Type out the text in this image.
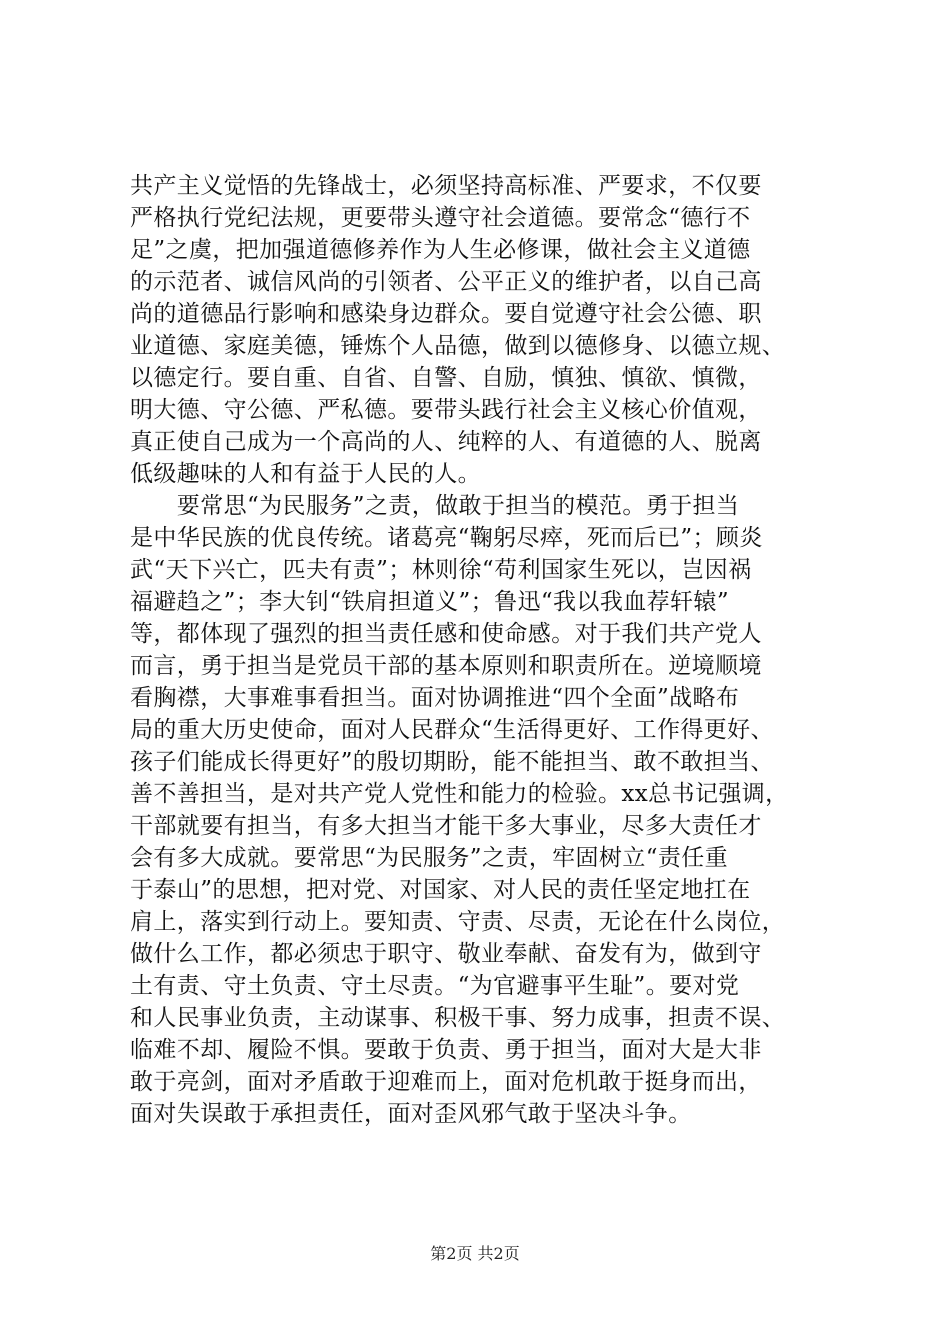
共产主义觉悟的先锋战士，必须坚持高标准、严要求，不仅要
严格执行党纪法规，更要带头遵守社会道德。要常念“德行不
足”之虞，把加强道德修养作为人生必修课，做社会主义道德
的示范者、诚信风尚的引领者、公平正义的维护者，以自己高
尚的道德品行影响和感染身边群众。要自觉遵守社会公德、职
业道德、家庭美德，锤炼个人品德，做到以德修身、以德立规、
以德定行。要自重、自省、自警、自励，慎独、慎欲、慎微，
明大德、守公德、严私德。要带头践行社会主义核心价值观，
真正使自己成为一个高尚的人、纯粹的人、有道德的人、脱离
低级趣味的人和有益于人民的人。
　　要常思“为民服务”之责，做敢于担当的模范。勇于担当
是中华民族的优良传统。诸葛亮“鞠躬尽瘁，死而后已”；顾炎
武“天下兴亡，匹夫有责”；林则徐“苟利国家生死以，岂因祸
福避趋之”；李大钊“铁肩担道义”；鲁迅“我以我血荐轩辕”
等，都体现了强烈的担当责任感和使命感。对于我们共产党人
而言，勇于担当是党员干部的基本原则和职责所在。逆境顺境
看胸襟，大事难事看担当。面对协调推进“四个全面”战略布
局的重大历史使命，面对人民群众“生活得更好、工作得更好、
孩子们能成长得更好”的殷切期盼，能不能担当、敢不敢担当、
善不善担当，是对共产党人党性和能力的检验。xx总书记强调，
干部就要有担当，有多大担当才能干多大事业，尽多大责任才
会有多大成就。要常思“为民服务”之责，牢固树立“责任重
于泰山”的思想，把对党、对国家、对人民的责任坚定地扛在
肩上，落实到行动上。要知责、守责、尽责，无论在什么岗位，
做什么工作，都必须忠于职守、敬业奉献、奋发有为，做到守
土有责、守土负责、守土尽责。“为官避事平生耻”。要对党
和人民事业负责，主动谋事、积极干事、努力成事，担责不误、
临难不却、履险不惧。要敢于负责、勇于担当，面对大是大非
敢于亮剑，面对矛盾敢于迎难而上，面对危机敢于挺身而出，
面对失误敢于承担责任，面对歪风邪气敢于坚决斗争。
第2页 共2页
